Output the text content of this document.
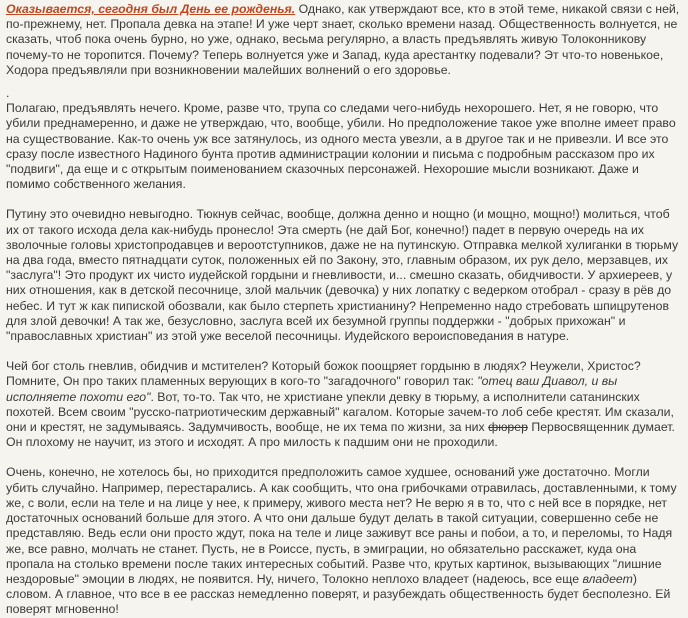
Оказывается, сегодня был День ее рожденья. Однако, как утверждают все, кто в этой теме, никакой связи с ней, по-прежнему, нет. Пропала девка на этапе! И уже черт знает, сколько времени назад. Общественность волнуется, не сказать, чтоб пока очень бурно, но уже, однако, весьма регулярно, а власть предъявлять живую Толоконникову почему-то не торопится. Почему? Теперь волнуется уже и Запад, куда арестантку подевали? Эт что-то новенькое, Ходора предъявляли при возникновении малейших волнений о его здоровье.

.

Полагаю, предъявлять нечего. Кроме, разве что, трупа со следами чего-нибудь нехорошего. Нет, я не говорю, что убили преднамеренно, и даже не утверждаю, что, вообще, убили. Но предположение такое уже вполне имеет право на существование. Как-то очень уж все затянулось, из одного места увезли, а в другое так и не привезли. И все это сразу после известного Надиного бунта против администрации колонии и письма с подробным рассказом про их "подвиги", да еще и с открытым поименованием сказочных персонажей. Нехорошие мысли возникают. Даже и помимо собственного желания.

Путину это очевидно невыгодно. Тюкнув сейчас, вообще, должна денно и нощно (и мощно, мощно!) молиться, чтоб их от такого исхода дела как-нибудь пронесло! Эта смерть (не дай Бог, конечно!) падет в первую очередь на их зволочные головы христопродавцев и вероотступников, даже не на путинскую. Отправка мелкой хулиганки в тюрьму на два года, вместо пятнадцати суток, положенных ей по Закону, это, главным образом, их рук дело, мерзавцев, их "заслуга"! Это продукт их чисто иудейской гордыни и гневливости, и... смешно сказать, обидчивости. У архиереев, у них отношения, как в детской песочнице, злой мальчик (девочка) у них лопатку с ведерком отобрал - сразу в рёв до небес. И тут ж как пипиской обозвали, как было стерпеть христианину? Непременно надо стребовать шпицрутенов для злой девочки! А так же, безусловно, заслуга всей их безумной группы поддержки - "добрых прихожан" и "православных христиан" из этой уже веселой песочницы. Иудейского вероисповедания в натуре.

Чей бог столь гневлив, обидчив и мстителен? Который божок поощряет гордыню в людях? Неужели, Христос? Помните, Он про таких пламенных верующих в кого-то "загадочного" говорил так: "отец ваш Диавол, и вы исполняете похоти его". Вот, то-то. Так что, не христиане упекли девку в тюрьму, а исполнители сатанинских похотей. Всем своим "русско-патриотическим державный" кагалом. Которые зачем-то лоб себе крестят. Им сказали, они и крестят, не задумываясь. Задумчивость, вообще, не их тема по жизни, за них фюрер Первосвященник думает. Он плохому не научит, из этого и исходят. А про милость к падшим они не проходили.

Очень, конечно, не хотелось бы, но приходится предположить самое худшее, оснований уже достаточно. Могли убить случайно. Например, перестарались. А как сообщить, что она грибочками отравилась, доставленными, к тому же, с воли, если на теле и на лице у нее, к примеру, живого места нет? Не верю я в то, что с ней все в порядке, нет достаточных оснований больше для этого. А что они дальше будут делать в такой ситуации, совершенно себе не представляю. Ведь если они просто ждут, пока на теле и лице заживут все раны и побои, а то, и переломы, то Надя же, все равно, молчать не станет. Пусть, не в Роиссе, пусть, в эмиграции, но обязательно расскажет, куда она пропала на столько времени после таких интересных событий. Разве что, крутых картинок, вызывающих "лишние нездоровые" эмоции в людях, не появится. Ну, ничего, Толокно неплохо владеет (надеюсь, все еще владеет) словом. А главное, что все в ее рассказ немедленно поверят, и разубеждать общественность будет бесполезно. Ей поверят мгновенно!
